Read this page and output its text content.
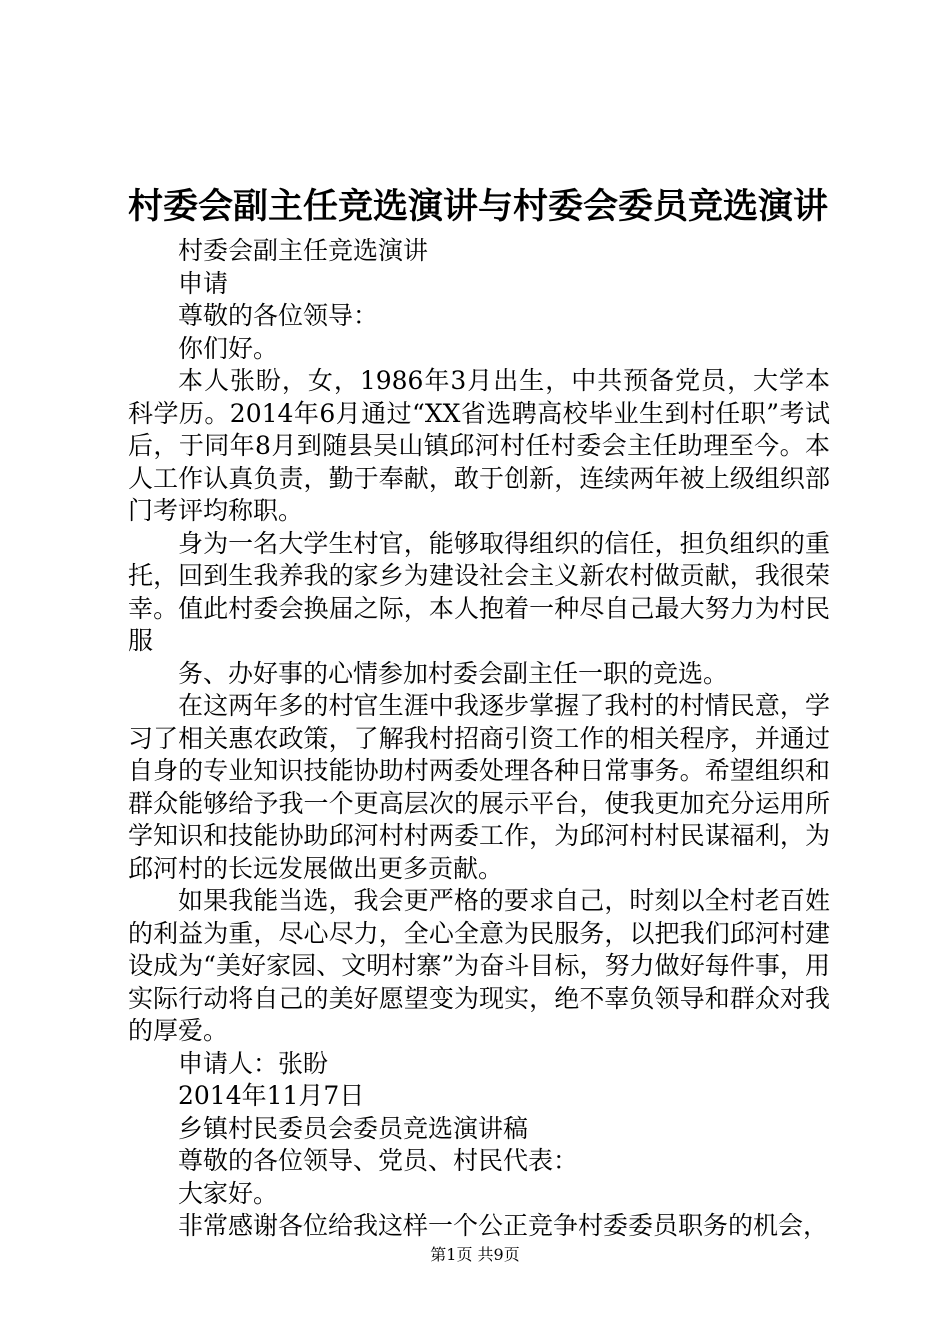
村委会副主任竞选演讲与村委会委员竞选演讲

村委会副主任竞选演讲

申请

尊敬的各位领导：

你们好。

本人张盼，女，1986年3月出生，中共预备党员，大学本科学历。2014年6月通过“XX省选聘高校毕业生到村任职”考试后，于同年8月到随县吴山镇邱河村任村委会主任助理至今。本人工作认真负责，勤于奉献，敢于创新，连续两年被上级组织部门考评均称职。

身为一名大学生村官，能够取得组织的信任，担负组织的重托，回到生我养我的家乡为建设社会主义新农村做贡献，我很荣幸。值此村委会换届之际，本人抱着一种尽自己最大努力为村民服

务、办好事的心情参加村委会副主任一职的竞选。

在这两年多的村官生涯中我逐步掌握了我村的村情民意，学习了相关惠农政策，了解我村招商引资工作的相关程序，并通过自身的专业知识技能协助村两委处理各种日常事务。希望组织和群众能够给予我一个更高层次的展示平台，使我更加充分运用所学知识和技能协助邱河村村两委工作，为邱河村村民谋福利，为邱河村的长远发展做出更多贡献。

如果我能当选，我会更严格的要求自己，时刻以全村老百姓的利益为重，尽心尽力，全心全意为民服务，以把我们邱河村建设成为“美好家园、文明村寨”为奋斗目标，努力做好每件事，用实际行动将自己的美好愿望变为现实，绝不辜负领导和群众对我的厚爱。

申请人：张盼

2014年11月7日

乡镇村民委员会委员竞选演讲稿

尊敬的各位领导、党员、村民代表：

大家好。

非常感谢各位给我这样一个公正竞争村委委员职务的机会，

第1页 共9页
